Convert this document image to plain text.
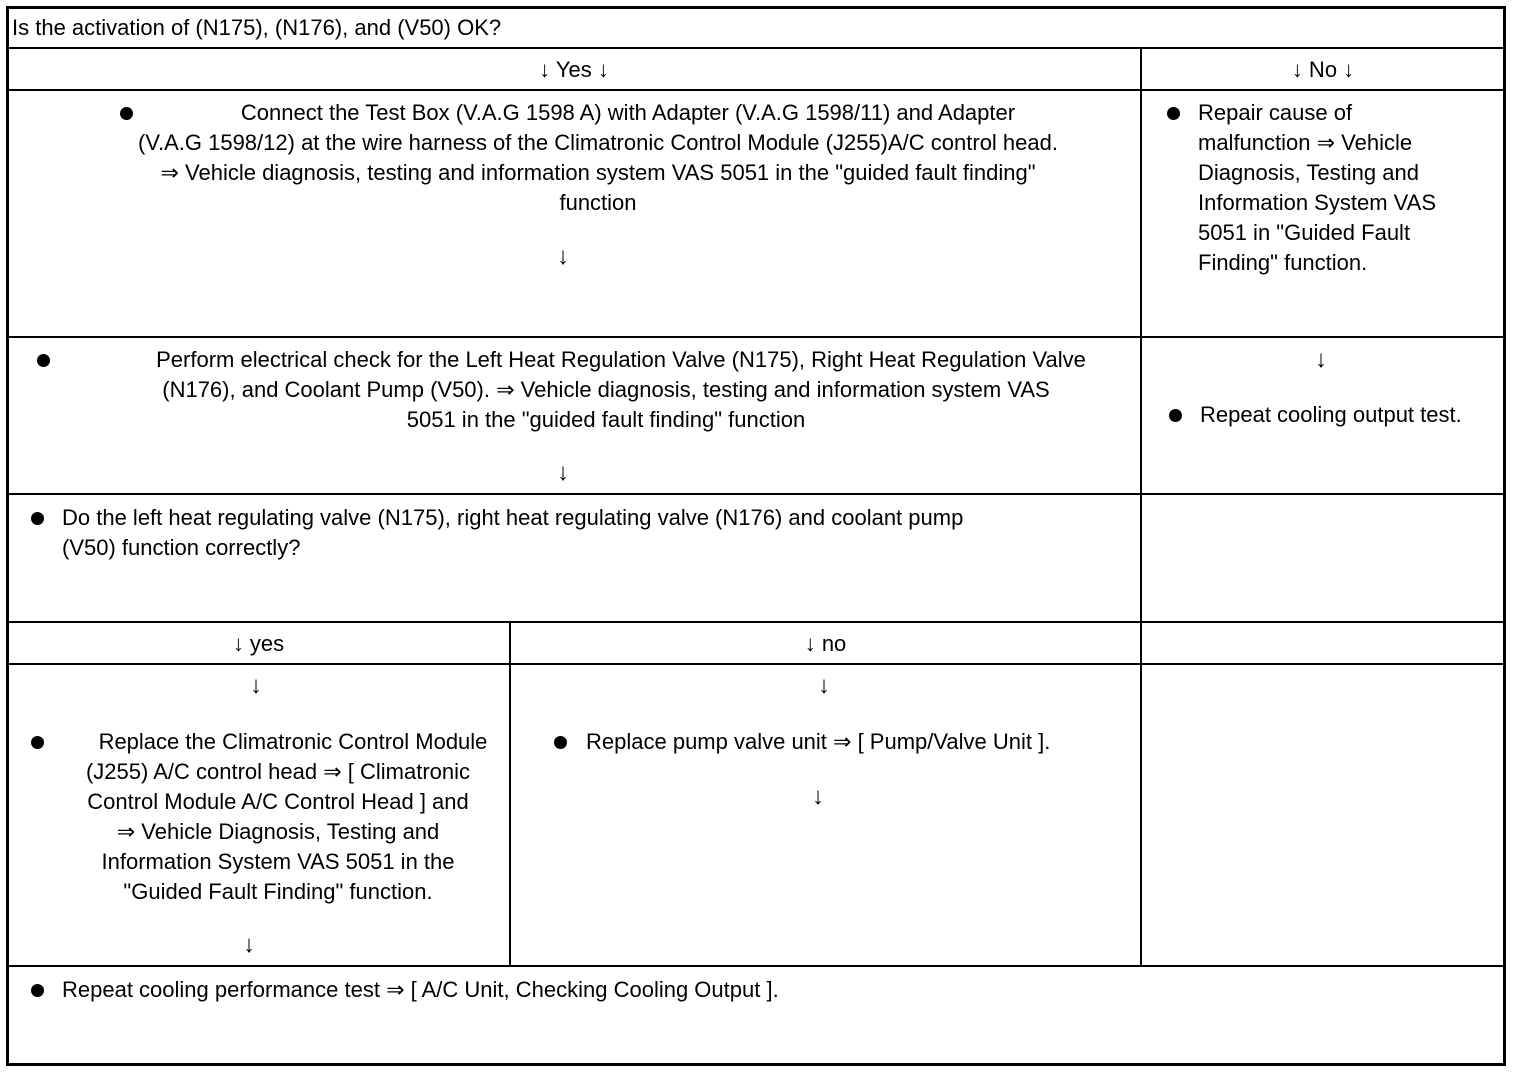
Is the activation of (N175), (N176), and (V50) OK?
↓ Yes ↓	↓ No ↓
Connect the Test Box (V.A.G 1598 A) with Adapter (V.A.G 1598/11) and Adapter
(V.A.G 1598/12) at the wire harness of the Climatronic Control Module (J255)A/C control head.
⇒ Vehicle diagnosis, testing and information system VAS 5051 in the "guided fault finding"
function
↓
Repair cause of
malfunction ⇒ Vehicle
Diagnosis, Testing and
Information System VAS
5051 in "Guided Fault
Finding" function.
Perform electrical check for the Left Heat Regulation Valve (N175), Right Heat Regulation Valve
(N176), and Coolant Pump (V50). ⇒ Vehicle diagnosis, testing and information system VAS
5051 in the "guided fault finding" function
↓
↓
Repeat cooling output test.
Do the left heat regulating valve (N175), right heat regulating valve (N176) and coolant pump
(V50) function correctly?
↓ yes	↓ no
↓
Replace the Climatronic Control Module
(J255) A/C control head ⇒ [ Climatronic
Control Module A/C Control Head ] and
⇒ Vehicle Diagnosis, Testing and
Information System VAS 5051 in the
"Guided Fault Finding" function.
↓
↓
Replace pump valve unit ⇒ [ Pump/Valve Unit ].
↓
Repeat cooling performance test ⇒ [ A/C Unit, Checking Cooling Output ].
